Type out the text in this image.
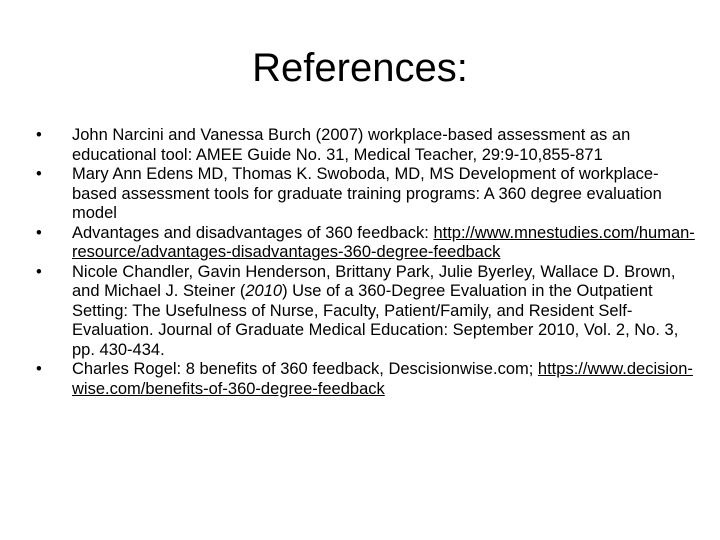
References:
•	John Narcini and Vanessa Burch (2007) workplace-based assessment as an educational tool: AMEE Guide No. 31, Medical Teacher, 29:9-10,855-871
•	Mary Ann Edens MD, Thomas K. Swoboda, MD, MS Development of workplace-based assessment tools for graduate training programs: A 360 degree evaluation model
•	Advantages and disadvantages of 360 feedback: http://www.mnestudies.com/human-resource/advantages-disadvantages-360-degree-feedback
•	Nicole Chandler, Gavin Henderson, Brittany Park, Julie Byerley, Wallace D. Brown, and Michael J. Steiner (2010) Use of a 360-Degree Evaluation in the Outpatient Setting: The Usefulness of Nurse, Faculty, Patient/Family, and Resident Self-Evaluation. Journal of Graduate Medical Education: September 2010, Vol. 2, No. 3, pp. 430-434.
•	Charles Rogel: 8 benefits of 360 feedback, Descisionwise.com; https://www.decision-wise.com/benefits-of-360-degree-feedback
